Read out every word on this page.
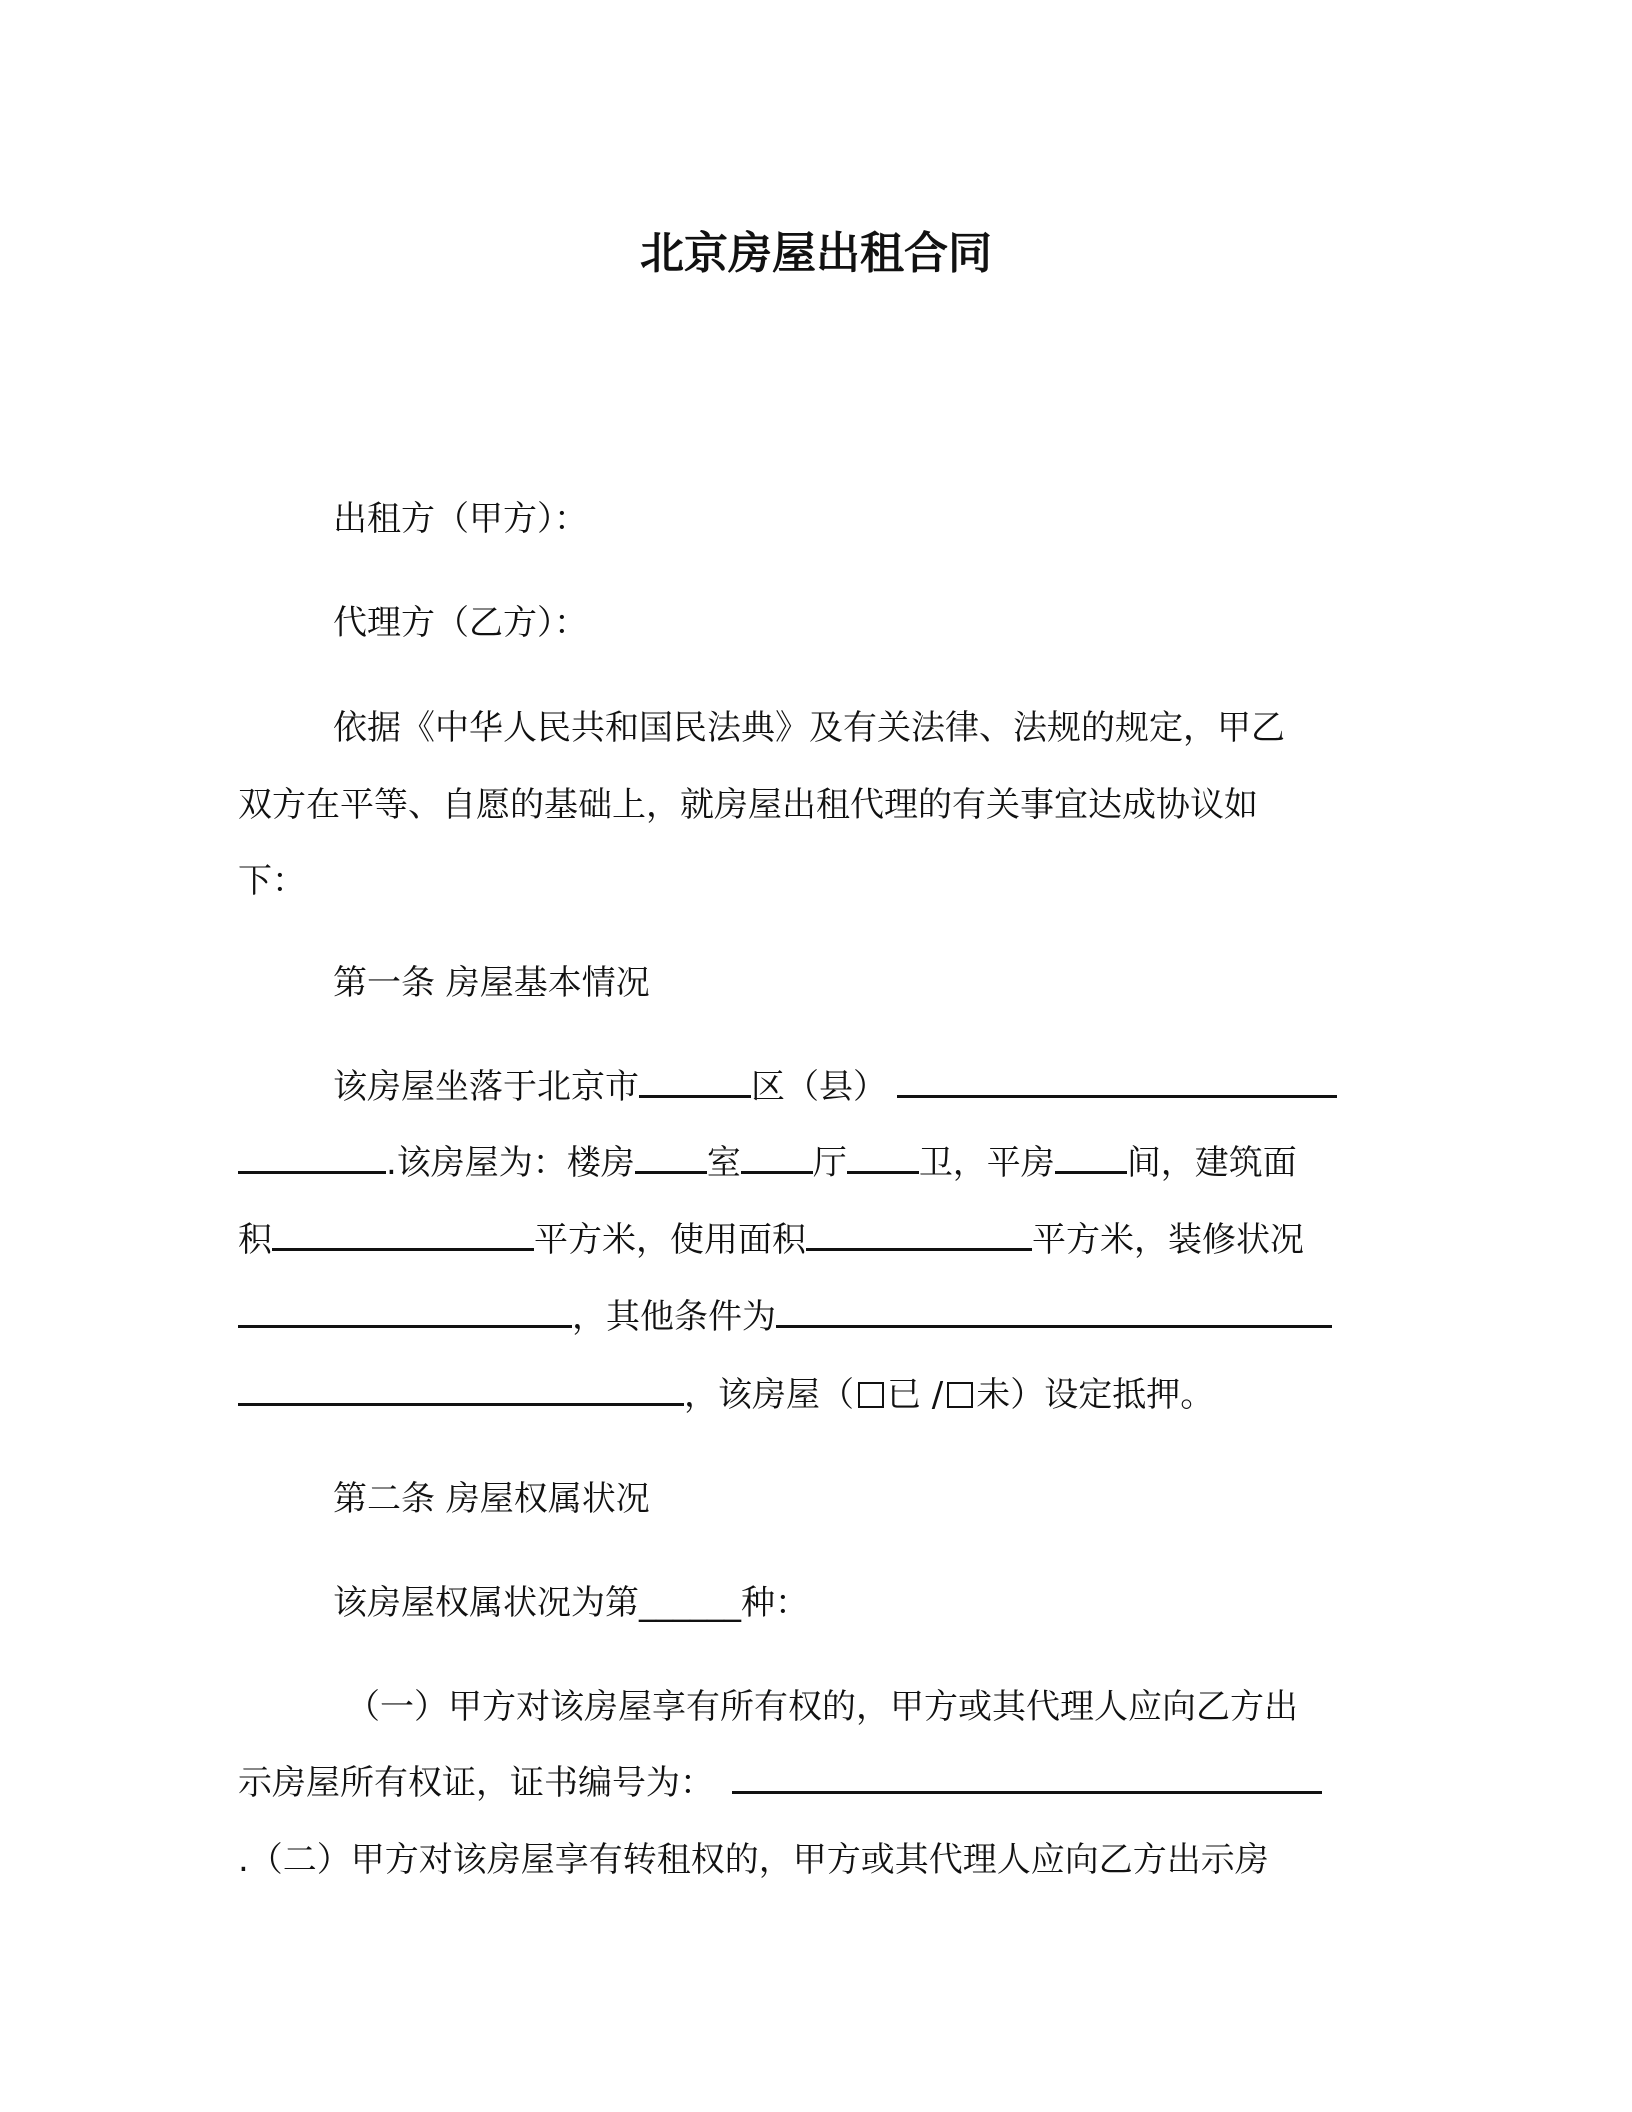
北京房屋出租合同
出租方（甲方）：
代理方（乙方）：
依据《中华人民共和国民法典》及有关法律、法规的规定，甲乙
双方在平等、自愿的基础上，就房屋出租代理的有关事宜达成协议如
下：
第一条 房屋基本情况
该房屋坐落于北京市	区（县）
.该房屋为：楼房 室 厅 卫，平房 间，建筑面
积	平方米，使用面积	平方米，装修状况
，其他条件为
，该房屋（ 已 / 未）设定抵押。
第二条 房屋权属状况
该房屋权属状况为第______种：
（一）甲方对该房屋享有所有权的，甲方或其代理人应向乙方出
示房屋所有权证，证书编号为：
.（二）甲方对该房屋享有转租权的，甲方或其代理人应向乙方出示房
